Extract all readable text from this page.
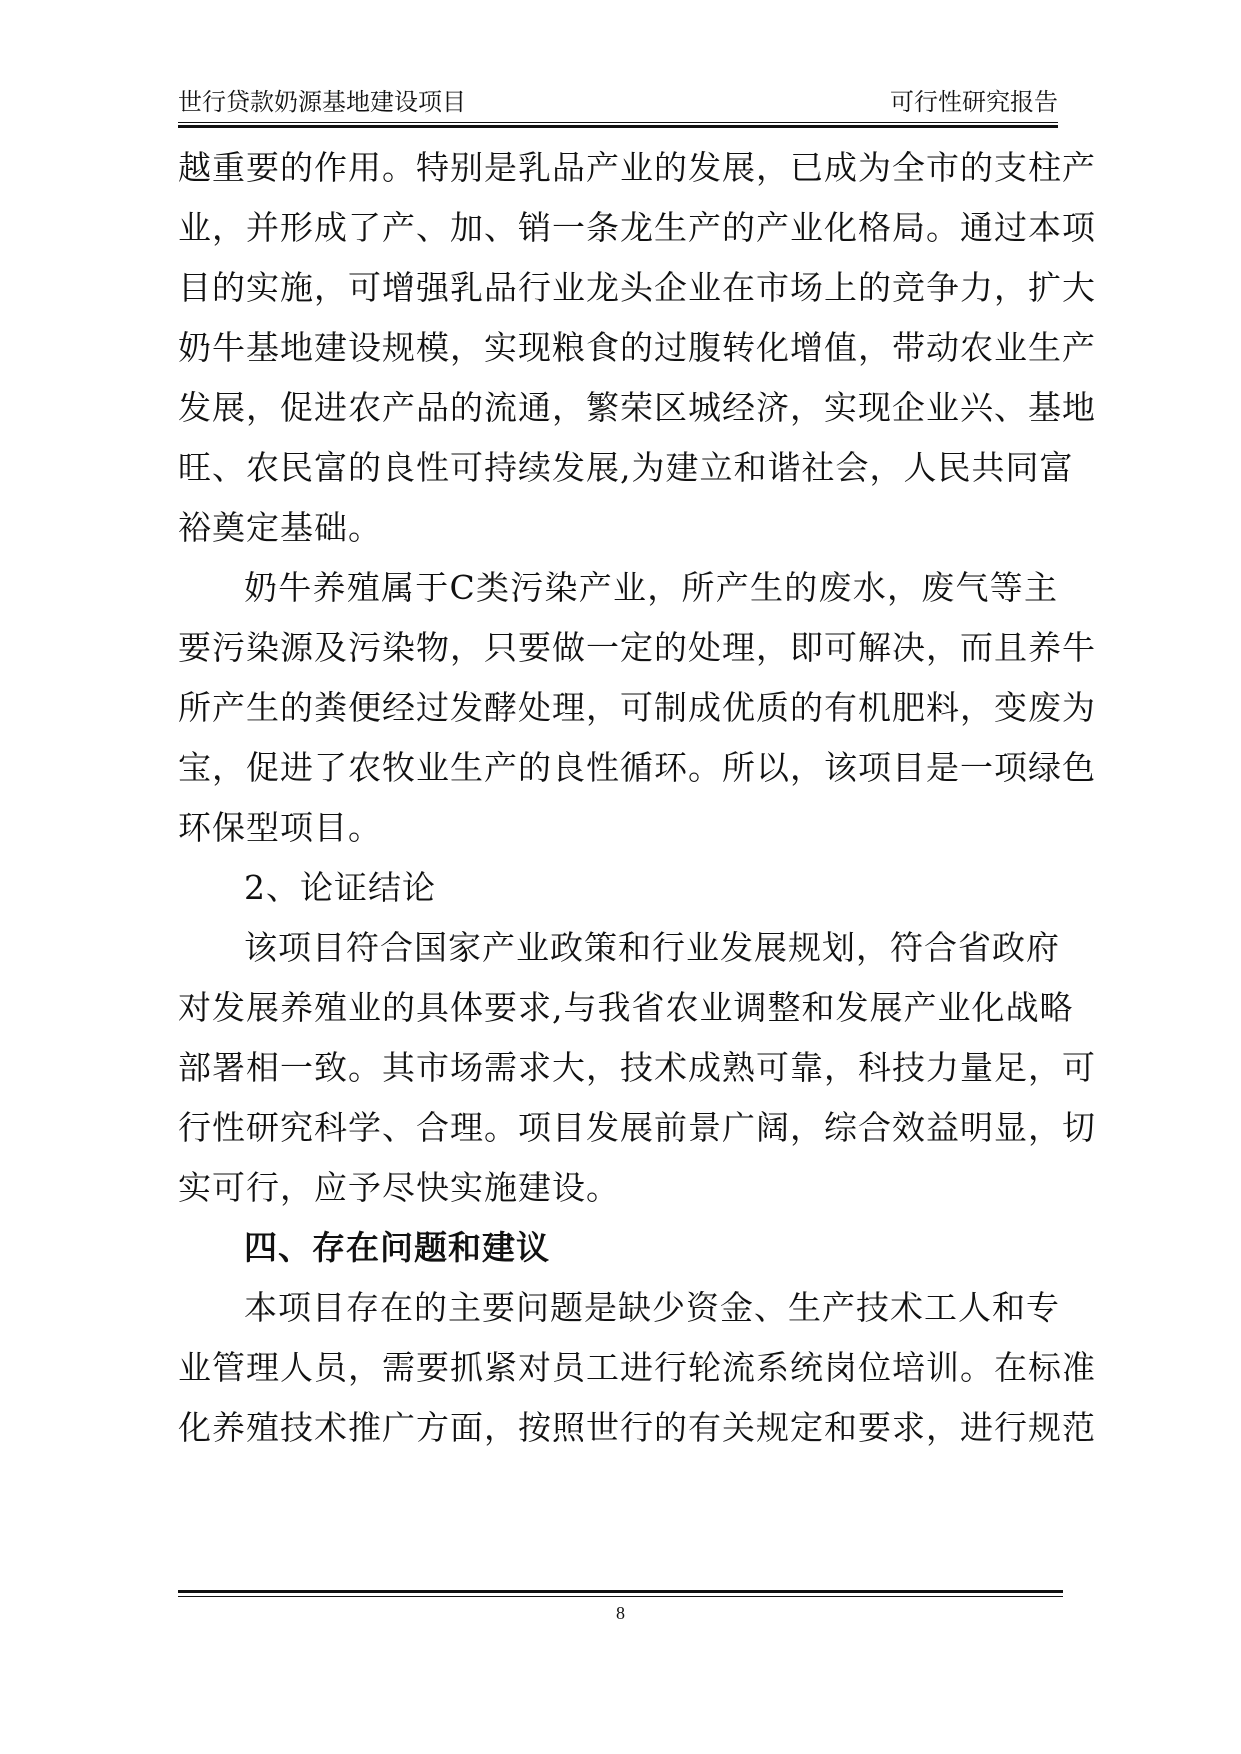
世行贷款奶源基地建设项目	可行性研究报告
越重要的作用。特别是乳品产业的发展，已成为全市的支柱产
业，并形成了产、加、销一条龙生产的产业化格局。通过本项
目的实施，可增强乳品行业龙头企业在市场上的竞争力，扩大
奶牛基地建设规模，实现粮食的过腹转化增值，带动农业生产
发展，促进农产品的流通，繁荣区城经济，实现企业兴、基地
旺、农民富的良性可持续发展,为建立和谐社会，人民共同富
裕奠定基础。
奶牛养殖属于C类污染产业，所产生的废水，废气等主
要污染源及污染物，只要做一定的处理，即可解决，而且养牛
所产生的粪便经过发酵处理，可制成优质的有机肥料，变废为
宝，促进了农牧业生产的良性循环。所以，该项目是一项绿色
环保型项目。
2、论证结论
该项目符合国家产业政策和行业发展规划，符合省政府
对发展养殖业的具体要求,与我省农业调整和发展产业化战略
部署相一致。其市场需求大，技术成熟可靠，科技力量足，可
行性研究科学、合理。项目发展前景广阔，综合效益明显，切
实可行，应予尽快实施建设。
四、存在问题和建议
本项目存在的主要问题是缺少资金、生产技术工人和专
业管理人员，需要抓紧对员工进行轮流系统岗位培训。在标准
化养殖技术推广方面，按照世行的有关规定和要求，进行规范
8
